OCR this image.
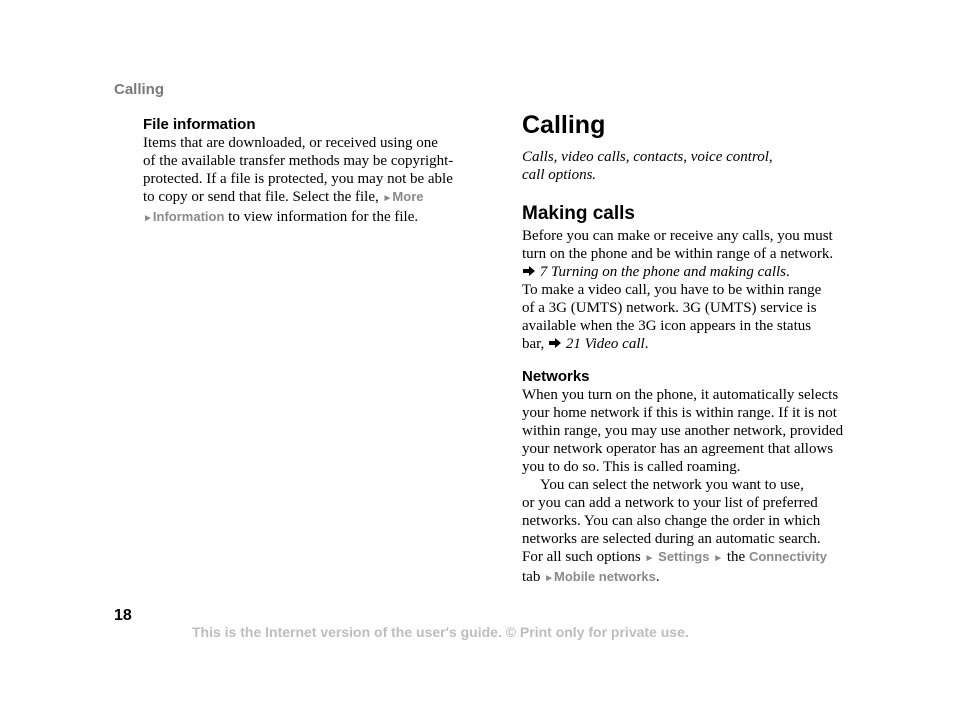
Calling
File information
Items that are downloaded, or received using one
of the available transfer methods may be copyright-
protected. If a file is protected, you may not be able
to copy or send that file. Select the file, ►More
►Information to view information for the file.
Calling
Calls, video calls, contacts, voice control,
call options.
Making calls
Before you can make or receive any calls, you must
turn on the phone and be within range of a network.
7 Turning on the phone and making calls.
To make a video call, you have to be within range
of a 3G (UMTS) network. 3G (UMTS) service is
available when the 3G icon appears in the status
bar, 21 Video call.
Networks
When you turn on the phone, it automatically selects
your home network if this is within range. If it is not
within range, you may use another network, provided
your network operator has an agreement that allows
you to do so. This is called roaming.
You can select the network you want to use,
or you can add a network to your list of preferred
networks. You can also change the order in which
networks are selected during an automatic search.
For all such options ► Settings ► the Connectivity
tab ►Mobile networks.
18
This is the Internet version of the user's guide. © Print only for private use.
